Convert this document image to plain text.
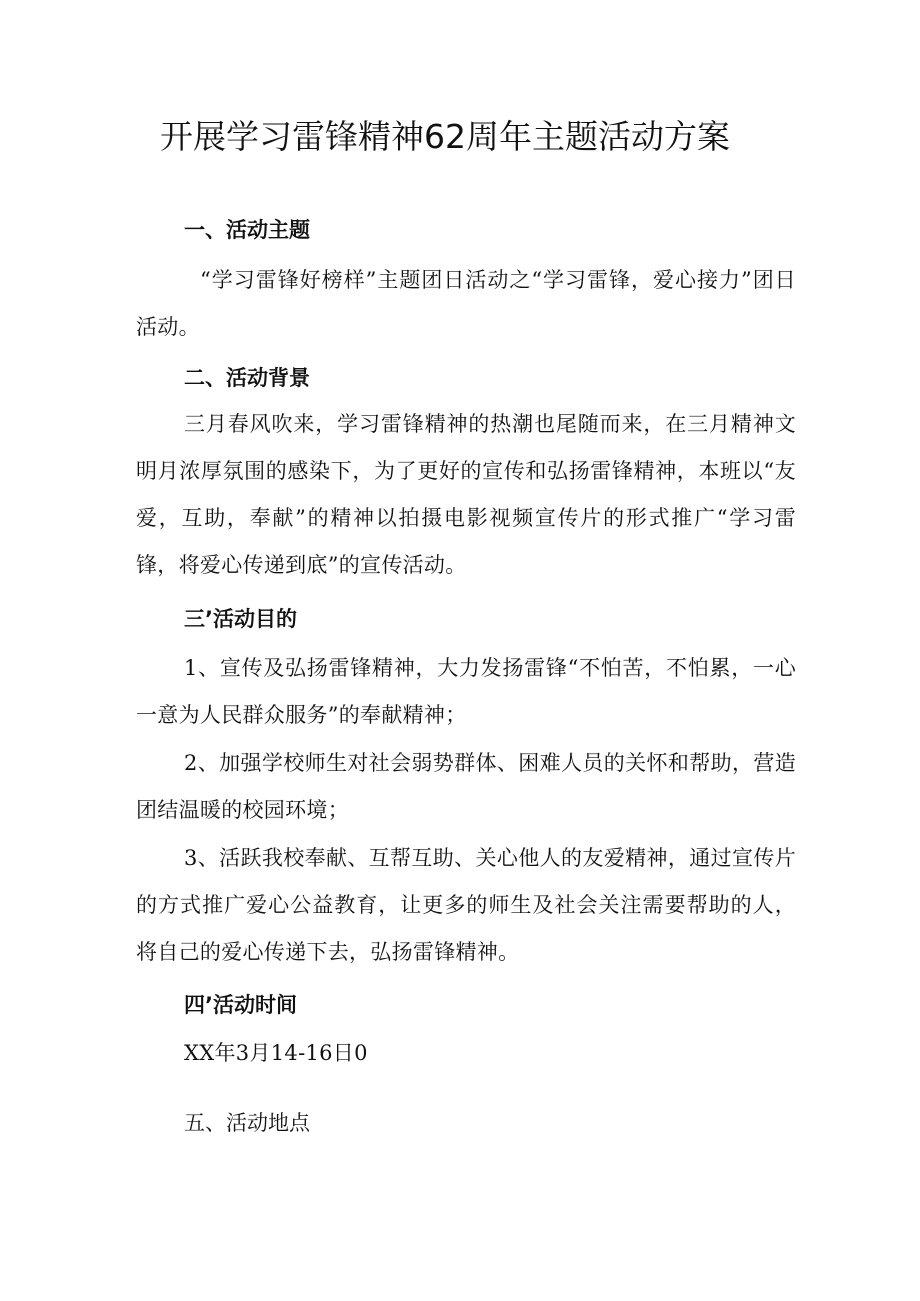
开展学习雷锋精神62周年主题活动方案
一、活动主题

“学习雷锋好榜样”主题团日活动之“学习雷锋，爱心接力”团日活动。

二、活动背景

三月春风吹来，学习雷锋精神的热潮也尾随而来，在三月精神文明月浓厚氛围的感染下，为了更好的宣传和弘扬雷锋精神，本班以“友爱，互助，奉献”的精神以拍摄电影视频宣传片的形式推广“学习雷锋，将爱心传递到底”的宣传活动。

三’活动目的

1、宣传及弘扬雷锋精神，大力发扬雷锋“不怕苦，不怕累，一心一意为人民群众服务”的奉献精神；

2、加强学校师生对社会弱势群体、困难人员的关怀和帮助，营造团结温暖的校园环境；

3、活跃我校奉献、互帮互助、关心他人的友爱精神，通过宣传片的方式推广爱心公益教育，让更多的师生及社会关注需要帮助的人，将自己的爱心传递下去，弘扬雷锋精神。

四’活动时间

XX年3月14-16日0

五、活动地点
